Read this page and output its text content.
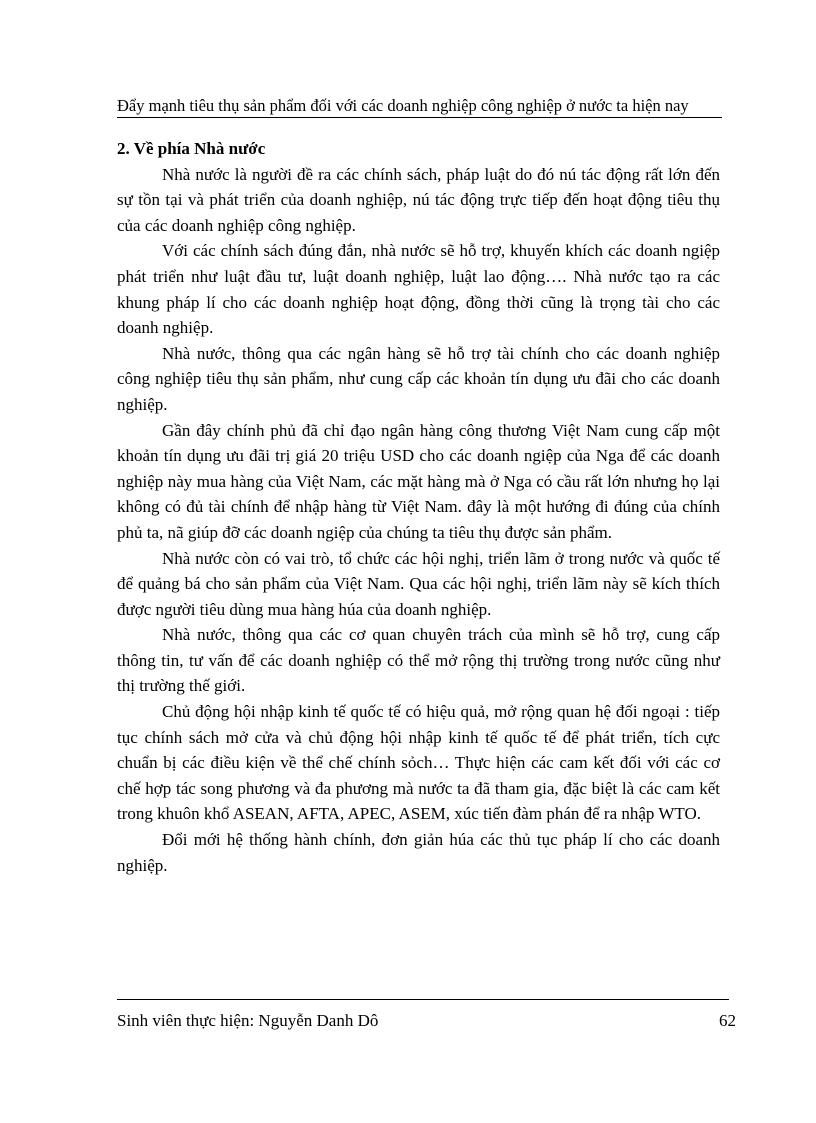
Đẩy mạnh tiêu thụ sản phẩm đối với các doanh nghiệp công nghiệp ở nước ta hiện nay

2. Về phía Nhà nước

Nhà nước là người đề ra các chính sách, pháp luật do đó nú tác động rất lớn đến sự tồn tại và phát triển của doanh nghiệp, nú tác động trực tiếp đến hoạt động tiêu thụ của các doanh nghiệp công nghiệp.

Với các chính sách đúng đắn, nhà nước sẽ hỗ trợ, khuyến khích các doanh ngiệp phát triển như luật đầu tư, luật doanh nghiệp, luật lao động…. Nhà nước tạo ra các khung pháp lí cho các doanh nghiệp hoạt động, đồng thời cũng là trọng tài cho các doanh nghiệp.

Nhà nước, thông qua các ngân hàng sẽ hỗ trợ tài chính cho các doanh nghiệp công nghiệp tiêu thụ sản phẩm, như cung cấp các khoản tín dụng ưu đãi cho các doanh nghiệp.

Gần đây chính phủ đã chỉ đạo ngân hàng công thương Việt Nam cung cấp một khoản tín dụng ưu đãi trị giá 20 triệu USD cho các doanh ngiệp của Nga để các doanh nghiệp này mua hàng của Việt Nam, các mặt hàng mà ở Nga có cầu rất lớn nhưng họ lại không có đủ tài chính để nhập hàng từ Việt Nam. đây là một hướng đi đúng của chính phủ ta, nã giúp đỡ các doanh ngiệp của chúng ta tiêu thụ được sản phẩm.

Nhà nước còn có vai trò, tổ chức các hội nghị, triển lãm ở trong nước và quốc tế để quảng bá cho sản phẩm của Việt Nam. Qua các hội nghị, triển lãm này sẽ kích thích được người tiêu dùng mua hàng húa của doanh nghiệp.

Nhà nước, thông qua các cơ quan chuyên trách của mình sẽ hỗ trợ, cung cấp thông tin, tư vấn để các doanh nghiệp có thể mở rộng thị trường trong nước cũng như thị trường thế giới.

Chủ động hội nhập kinh tế quốc tế có hiệu quả, mở rộng quan hệ đối ngoại : tiếp tục chính sách mở cửa và chủ động hội nhập kinh tế quốc tế để phát triển, tích cực chuẩn bị các điều kiện về thể chế chính sỏch… Thực hiện các cam kết đối với các cơ chế hợp tác song phương và đa phương mà nước ta đã tham gia, đặc biệt là các cam kết trong khuôn khổ ASEAN, AFTA, APEC, ASEM, xúc tiến đàm phán để ra nhập WTO.

Đổi mới hệ thống hành chính, đơn giản húa các thủ tục pháp lí cho các doanh nghiệp.

Sinh viên thực hiện: Nguyễn Danh Dô	62
